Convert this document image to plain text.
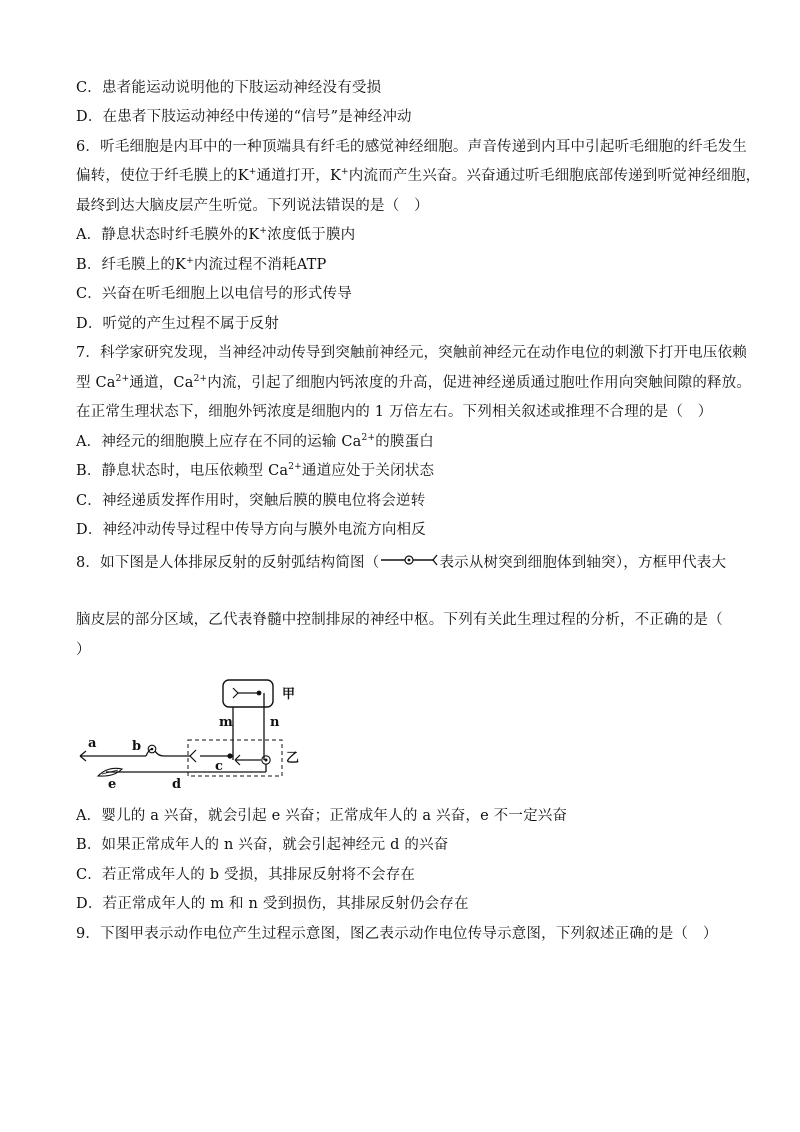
C．患者能运动说明他的下肢运动神经没有受损
D．在患者下肢运动神经中传递的“信号”是神经冲动
6．听毛细胞是内耳中的一种顶端具有纤毛的感觉神经细胞。声音传递到内耳中引起听毛细胞的纤毛发生
偏转，使位于纤毛膜上的K+通道打开，K+内流而产生兴奋。兴奋通过听毛细胞底部传递到听觉神经细胞，
最终到达大脑皮层产生听觉。下列说法错误的是（　）
A．静息状态时纤毛膜外的K+浓度低于膜内
B．纤毛膜上的K+内流过程不消耗ATP
C．兴奋在听毛细胞上以电信号的形式传导
D．听觉的产生过程不属于反射
7．科学家研究发现，当神经冲动传导到突触前神经元，突触前神经元在动作电位的刺激下打开电压依赖
型 $Ca^{2+}$通道，$Ca^{2+}$内流，引起了细胞内钙浓度的升高，促进神经递质通过胞吐作用向突触间隙的释放。
在正常生理状态下，细胞外钙浓度是细胞内的 1 万倍左右。下列相关叙述或推理不合理的是（　）
A．神经元的细胞膜上应存在不同的运输 $Ca^{2+}$的膜蛋白
B．静息状态时，电压依赖型 $Ca^{2+}$通道应处于关闭状态
C．神经递质发挥作用时，突触后膜的膜电位将会逆转
D．神经冲动传导过程中传导方向与膜外电流方向相反
8．如下图是人体排尿反射的反射弧结构简图（	表示从树突到细胞体到轴突），方框甲代表大
脑皮层的部分区域，乙代表脊髓中控制排尿的神经中枢。下列有关此生理过程的分析，不正确的是（
）
a	b
c
d
e
m	n
甲
乙
A．婴儿的 a 兴奋，就会引起 e 兴奋；正常成年人的 a 兴奋，e 不一定兴奋
B．如果正常成年人的 n 兴奋，就会引起神经元 d 的兴奋
C．若正常成年人的 b 受损，其排尿反射将不会存在
D．若正常成年人的 m 和 n 受到损伤，其排尿反射仍会存在
9．下图甲表示动作电位产生过程示意图，图乙表示动作电位传导示意图，下列叙述正确的是（　）
